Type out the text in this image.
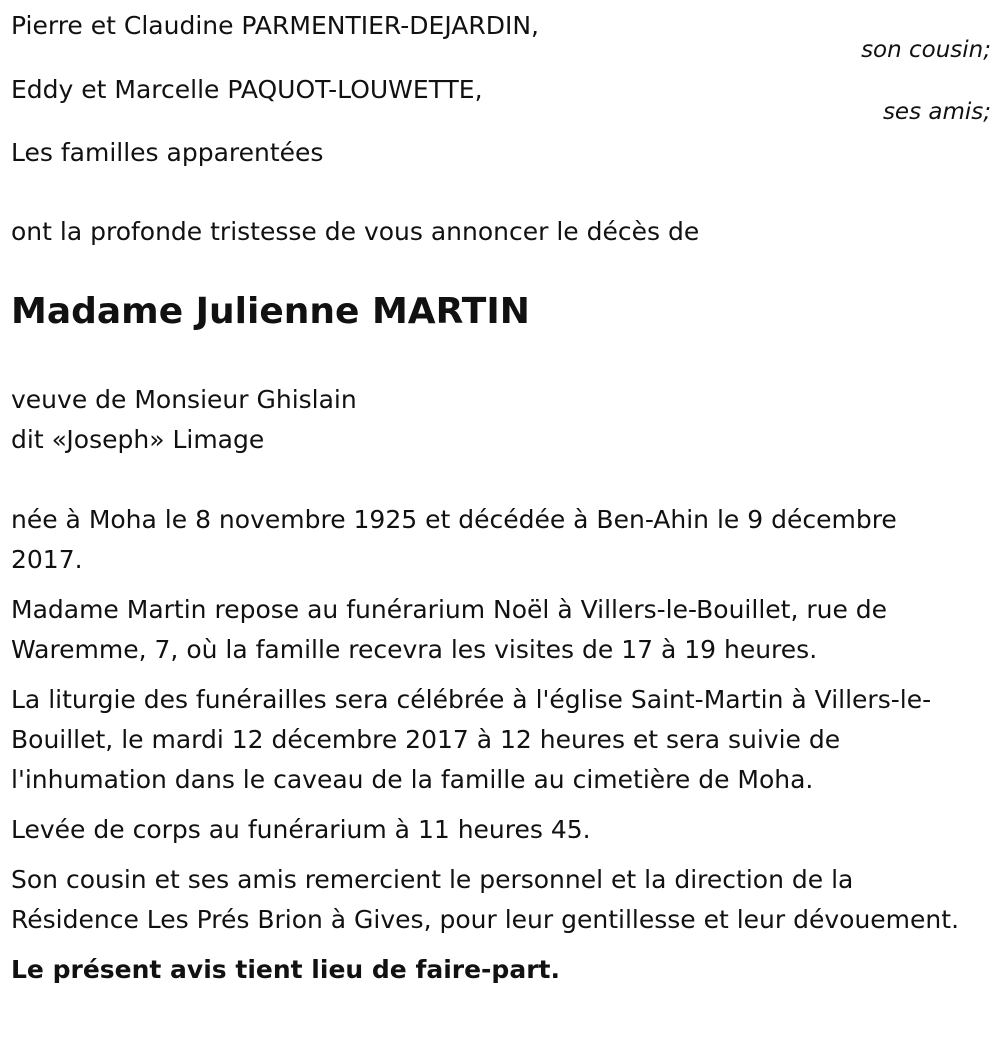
Pierre et Claudine PARMENTIER-DEJARDIN,
son cousin;
Eddy et Marcelle PAQUOT-LOUWETTE,
ses amis;
Les familles apparentées
ont la profonde tristesse de vous annoncer le décès de
Madame Julienne MARTIN
veuve de Monsieur Ghislain
dit «Joseph» Limage

née à Moha le 8 novembre 1925 et décédée à Ben-Ahin le 9 décembre 2017.

Madame Martin repose au funérarium Noël à Villers-le-Bouillet, rue de Waremme, 7, où la famille recevra les visites de 17 à 19 heures.

La liturgie des funérailles sera célébrée à l'église Saint-Martin à Villers-le-Bouillet, le mardi 12 décembre 2017 à 12 heures et sera suivie de l'inhumation dans le caveau de la famille au cimetière de Moha.

Levée de corps au funérarium à 11 heures 45.

Son cousin et ses amis remercient le personnel et la direction de la Résidence Les Prés Brion à Gives, pour leur gentillesse et leur dévouement.

Le présent avis tient lieu de faire-part.
